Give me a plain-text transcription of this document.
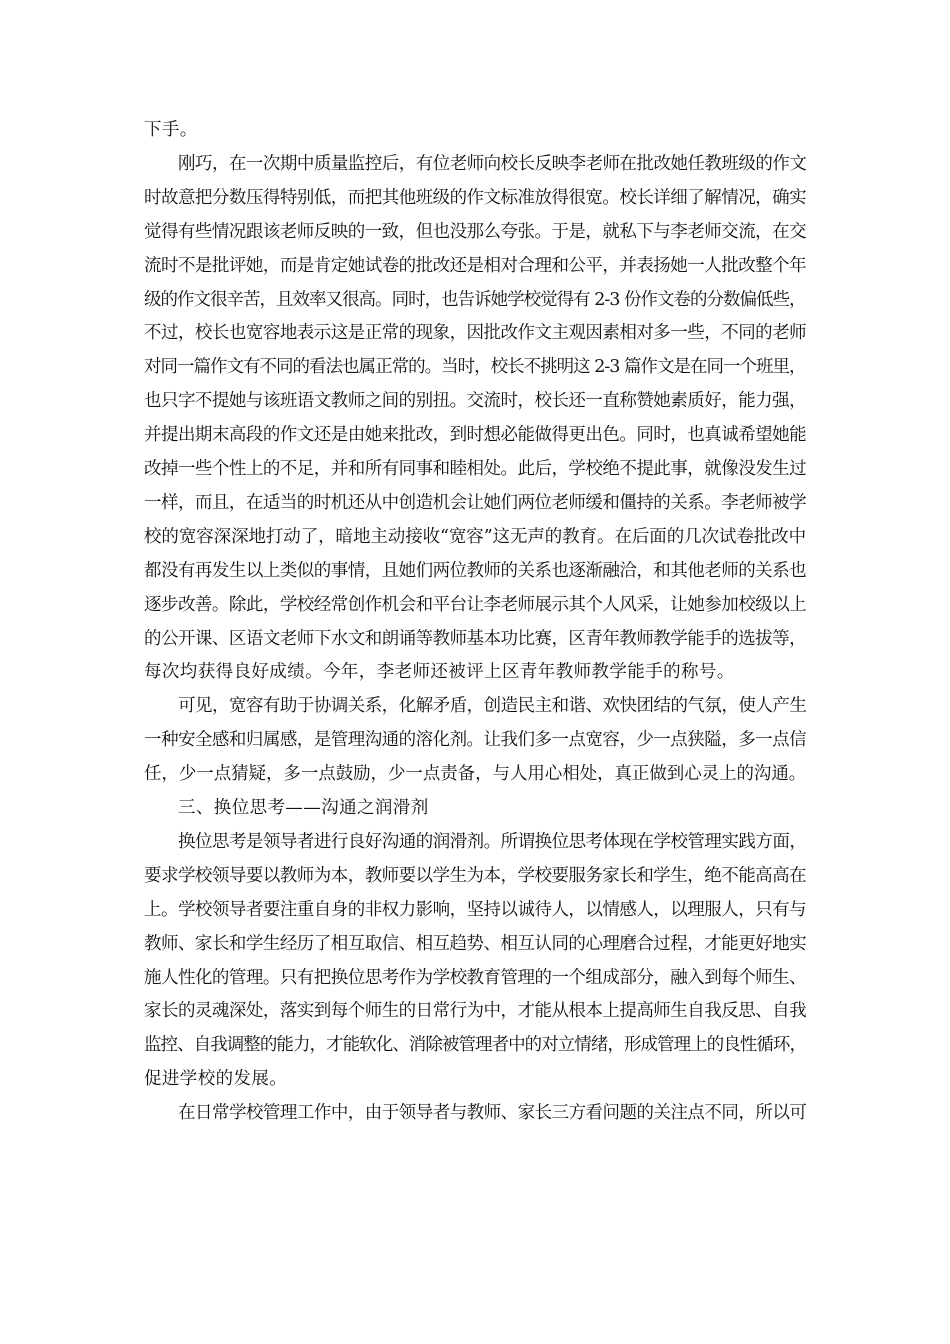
下手。
刚巧，在一次期中质量监控后，有位老师向校长反映李老师在批改她任教班级的作文
时故意把分数压得特别低，而把其他班级的作文标准放得很宽。校长详细了解情况，确实
觉得有些情况跟该老师反映的一致，但也没那么夸张。于是，就私下与李老师交流，在交
流时不是批评她，而是肯定她试卷的批改还是相对合理和公平，并表扬她一人批改整个年
级的作文很辛苦，且效率又很高。同时，也告诉她学校觉得有 2-3 份作文卷的分数偏低些，
不过，校长也宽容地表示这是正常的现象，因批改作文主观因素相对多一些，不同的老师
对同一篇作文有不同的看法也属正常的。当时，校长不挑明这 2-3 篇作文是在同一个班里，
也只字不提她与该班语文教师之间的别扭。交流时，校长还一直称赞她素质好，能力强，
并提出期末高段的作文还是由她来批改，到时想必能做得更出色。同时，也真诚希望她能
改掉一些个性上的不足，并和所有同事和睦相处。此后，学校绝不提此事，就像没发生过
一样，而且，在适当的时机还从中创造机会让她们两位老师缓和僵持的关系。李老师被学
校的宽容深深地打动了，暗地主动接收“宽容”这无声的教育。在后面的几次试卷批改中
都没有再发生以上类似的事情，且她们两位教师的关系也逐渐融洽，和其他老师的关系也
逐步改善。除此，学校经常创作机会和平台让李老师展示其个人风采，让她参加校级以上
的公开课、区语文老师下水文和朗诵等教师基本功比赛，区青年教师教学能手的选拔等，
每次均获得良好成绩。今年，李老师还被评上区青年教师教学能手的称号。
可见，宽容有助于协调关系，化解矛盾，创造民主和谐、欢快团结的气氛，使人产生
一种安全感和归属感，是管理沟通的溶化剂。让我们多一点宽容，少一点狭隘，多一点信
任，少一点猜疑，多一点鼓励，少一点责备，与人用心相处，真正做到心灵上的沟通。
三、换位思考——沟通之润滑剂
换位思考是领导者进行良好沟通的润滑剂。所谓换位思考体现在学校管理实践方面，
要求学校领导要以教师为本，教师要以学生为本，学校要服务家长和学生，绝不能高高在
上。学校领导者要注重自身的非权力影响，坚持以诚待人，以情感人，以理服人，只有与
教师、家长和学生经历了相互取信、相互趋势、相互认同的心理磨合过程，才能更好地实
施人性化的管理。只有把换位思考作为学校教育管理的一个组成部分，融入到每个师生、
家长的灵魂深处，落实到每个师生的日常行为中，才能从根本上提高师生自我反思、自我
监控、自我调整的能力，才能软化、消除被管理者中的对立情绪，形成管理上的良性循环，
促进学校的发展。
在日常学校管理工作中，由于领导者与教师、家长三方看问题的关注点不同，所以可
